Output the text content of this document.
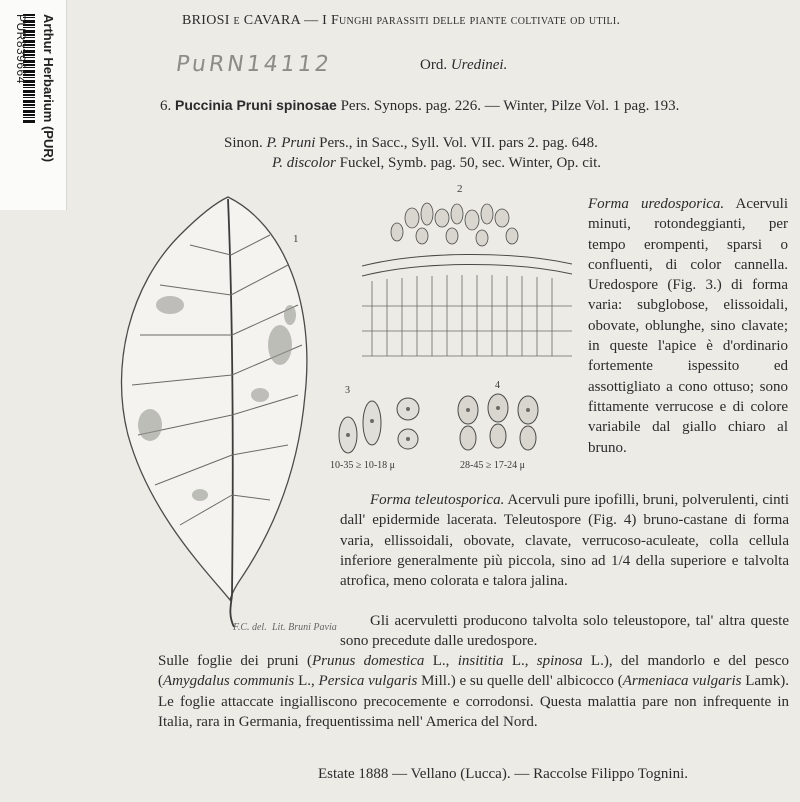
Arthur Herbarium (PUR)
PUR839664	PuRN14112
BRIOSI e CAVARA — I Funghi parassiti delle piante coltivate od utili.
Ord. Uredinei.
6. Puccinia Pruni spinosae Pers. Synops. pag. 226. — Winter, Pilze Vol. 1 pag. 193.
Sinon. P. Pruni Pers., in Sacc., Syll. Vol. VII. pars 2. pag. 648.
P. discolor Fuckel, Symb. pag. 50, sec. Winter, Op. cit.
1
2
3
10-35 ≥ 10-18 μ
4
28-45 ≥ 17-24 μ
F.C. del. Lit. Bruni Pavia
Forma uredosporica. Acervuli minuti, rotondeggianti, per tempo erompenti, sparsi o confluenti, di color cannella. Uredospore (Fig. 3.) di forma varia: subglobose, elissoidali, obovate, oblunghe, sino clavate; in queste l'apice è d'ordinario fortemente ispessito ed assottigliato a cono ottuso; sono fittamente verrucose e di colore variabile dal giallo chiaro al bruno.
Forma teleutosporica. Acervuli pure ipofilli, bruni, polverulenti, cinti dall' epidermide lacerata. Teleutospore (Fig. 4) bruno-castane di forma varia, ellissoidali, obovate, clavate, verrucoso-aculeate, colla cellula inferiore generalmente più piccola, sino ad 1/4 della superiore e talvolta atrofica, meno colorata e talora jalina.
Gli acervuletti producono talvolta solo teleustopore, tal' altra queste sono precedute dalle uredospore.
Sulle foglie dei pruni (Prunus domestica L., insititia L., spinosa L.), del mandorlo e del pesco (Amygdalus communis L., Persica vulgaris Mill.) e su quelle dell' albicocco (Armeniaca vulgaris Lamk). Le foglie attaccate ingialliscono precocemente e corrodonsi. Questa malattia pare non infrequente in Italia, rara in Germania, frequentissima nell' America del Nord.
Estate 1888 — Vellano (Lucca). — Raccolse Filippo Tognini.
